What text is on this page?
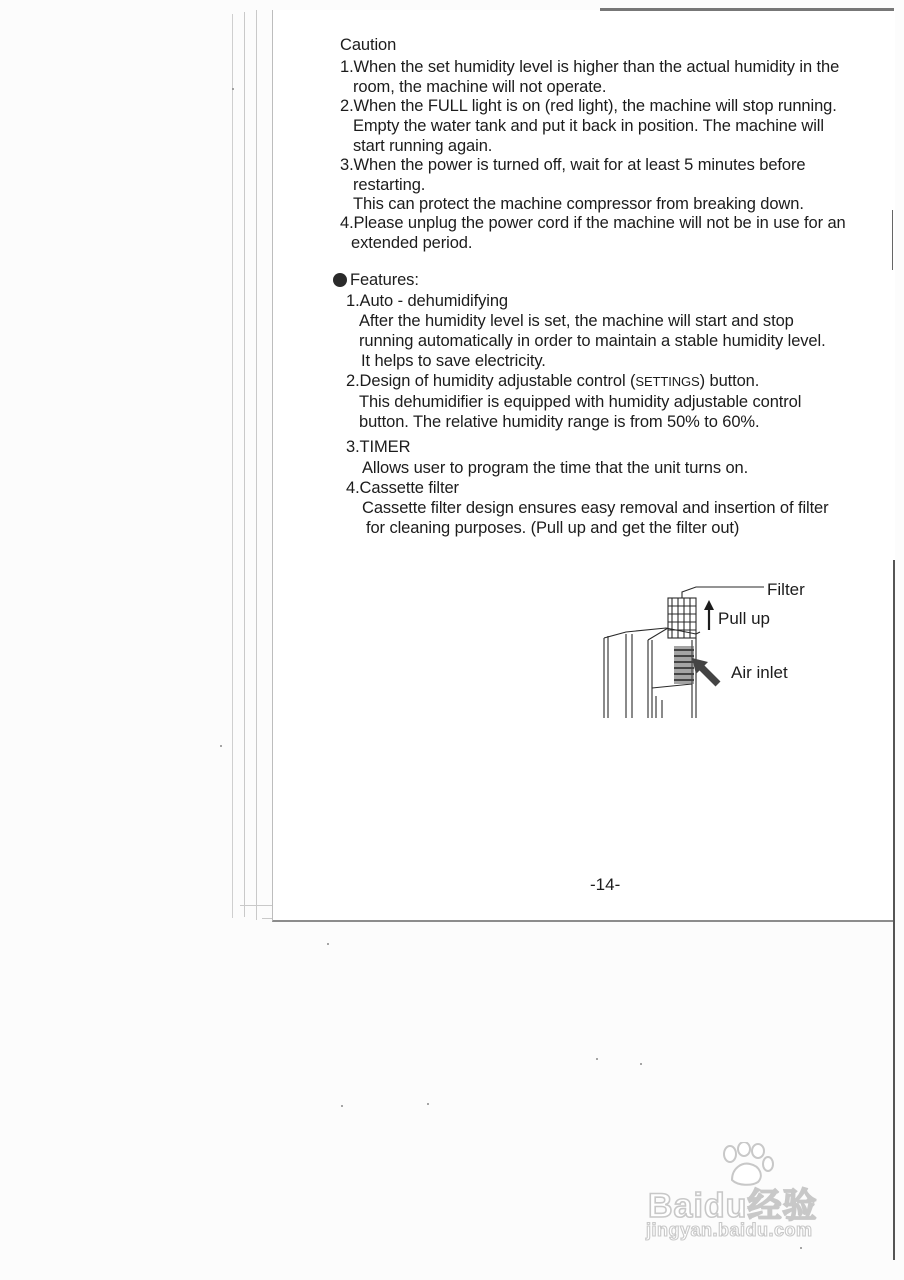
Caution
1.When the set humidity level is higher than the actual humidity in the
room, the machine will not operate.
2.When the FULL light is on (red light), the machine will stop running.
Empty the water tank and put it back in position. The machine will
start running again.
3.When the power is turned off, wait for at least 5 minutes before
restarting.
This can protect the machine compressor from breaking down.
4.Please unplug the power cord if the machine will not be in use for an
extended period.
Features:
1.Auto - dehumidifying
After the humidity level is set, the machine will start and stop
running automatically in order to maintain a stable humidity level.
It helps to save electricity.
2.Design of humidity adjustable control (SETTINGS) button.
This dehumidifier is equipped with humidity adjustable control
button. The relative humidity range is from 50% to 60%.
3.TIMER
Allows user to program the time that the unit turns on.
4.Cassette filter
Cassette filter design ensures easy removal and insertion of filter
for cleaning purposes. (Pull up and get the filter out)
Filter
Pull up
Air inlet
-14-
Baidu经验
jingyan.baidu.com
